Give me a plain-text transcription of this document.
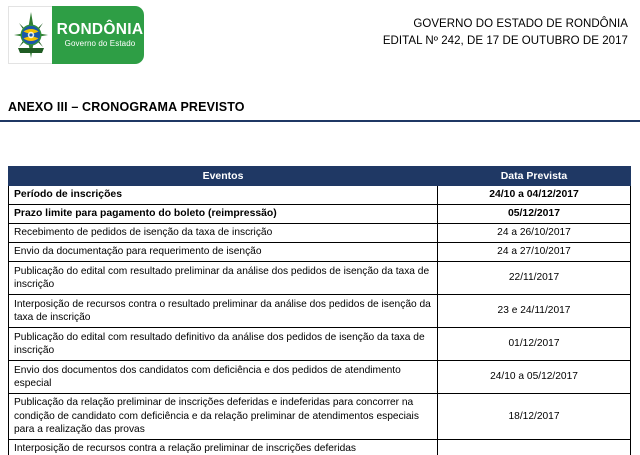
RONDÔNIA
Governo do Estado
GOVERNO DO ESTADO DE RONDÔNIA
EDITAL Nº 242, DE 17 DE OUTUBRO DE 2017
ANEXO III – CRONOGRAMA PREVISTO
Eventos	Data Prevista
Período de inscrições	24/10 a 04/12/2017
Prazo limite para pagamento do boleto (reimpressão)	05/12/2017
Recebimento de pedidos de isenção da taxa de inscrição	24 a 26/10/2017
Envio da documentação para requerimento de isenção	24 a 27/10/2017
Publicação do edital com resultado preliminar da análise dos pedidos de isenção da taxa de inscrição	22/11/2017
Interposição de recursos contra o resultado preliminar da análise dos pedidos de isenção da taxa de inscrição	23 e 24/11/2017
Publicação do edital com resultado definitivo da análise dos pedidos de isenção da taxa de inscrição	01/12/2017
Envio dos documentos dos candidatos com deficiência e dos pedidos de atendimento especial	24/10 a 05/12/2017
Publicação da relação preliminar de inscrições deferidas e indeferidas para concorrer na condição de candidato com deficiência e da relação preliminar de atendimentos especiais para a realização das provas	18/12/2017
Interposição de recursos contra a relação preliminar de inscrições deferidas	
